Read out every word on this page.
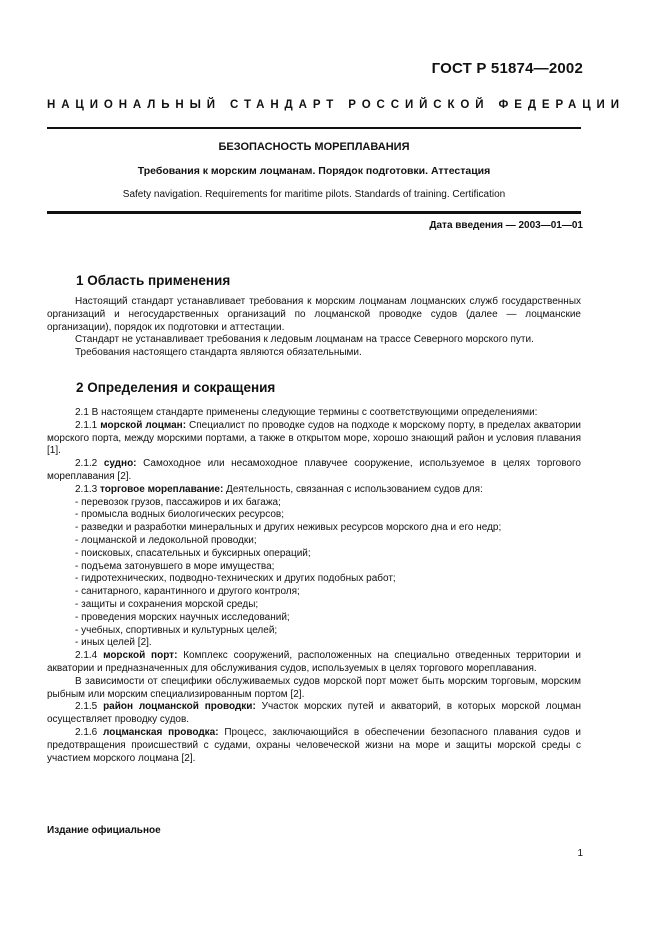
ГОСТ Р 51874—2002
НАЦИОНАЛЬНЫЙ СТАНДАРТ РОССИЙСКОЙ ФЕДЕРАЦИИ
БЕЗОПАСНОСТЬ МОРЕПЛАВАНИЯ
Требования к морским лоцманам. Порядок подготовки. Аттестация
Safety navigation. Requirements for maritime pilots. Standards of training. Certification
Дата введения — 2003—01—01
1 Область применения
Настоящий стандарт устанавливает требования к морским лоцманам лоцманских служб государственных организаций и негосударственных организаций по лоцманской проводке судов (далее — лоцманские организации), порядок их подготовки и аттестации.
Стандарт не устанавливает требования к ледовым лоцманам на трассе Северного морского пути.
Требования настоящего стандарта являются обязательными.
2 Определения и сокращения
2.1 В настоящем стандарте применены следующие термины с соответствующими определениями:
2.1.1 морской лоцман: Специалист по проводке судов на подходе к морскому порту, в пределах акватории морского порта, между морскими портами, а также в открытом море, хорошо знающий район и условия плавания [1].
2.1.2 судно: Самоходное или несамоходное плавучее сооружение, используемое в целях торгового мореплавания [2].
2.1.3 торговое мореплавание: Деятельность, связанная с использованием судов для:
- перевозок грузов, пассажиров и их багажа;
- промысла водных биологических ресурсов;
- разведки и разработки минеральных и других неживых ресурсов морского дна и его недр;
- лоцманской и ледокольной проводки;
- поисковых, спасательных и буксирных операций;
- подъема затонувшего в море имущества;
- гидротехнических, подводно-технических и других подобных работ;
- санитарного, карантинного и другого контроля;
- защиты и сохранения морской среды;
- проведения морских научных исследований;
- учебных, спортивных и культурных целей;
- иных целей [2].
2.1.4 морской порт: Комплекс сооружений, расположенных на специально отведенных территории и акватории и предназначенных для обслуживания судов, используемых в целях торгового мореплавания.
В зависимости от специфики обслуживаемых судов морской порт может быть морским торговым, морским рыбным или морским специализированным портом [2].
2.1.5 район лоцманской проводки: Участок морских путей и акваторий, в которых морской лоцман осуществляет проводку судов.
2.1.6 лоцманская проводка: Процесс, заключающийся в обеспечении безопасного плавания судов и предотвращения происшествий с судами, охраны человеческой жизни на море и защиты морской среды с участием морского лоцмана [2].
Издание официальное
1
